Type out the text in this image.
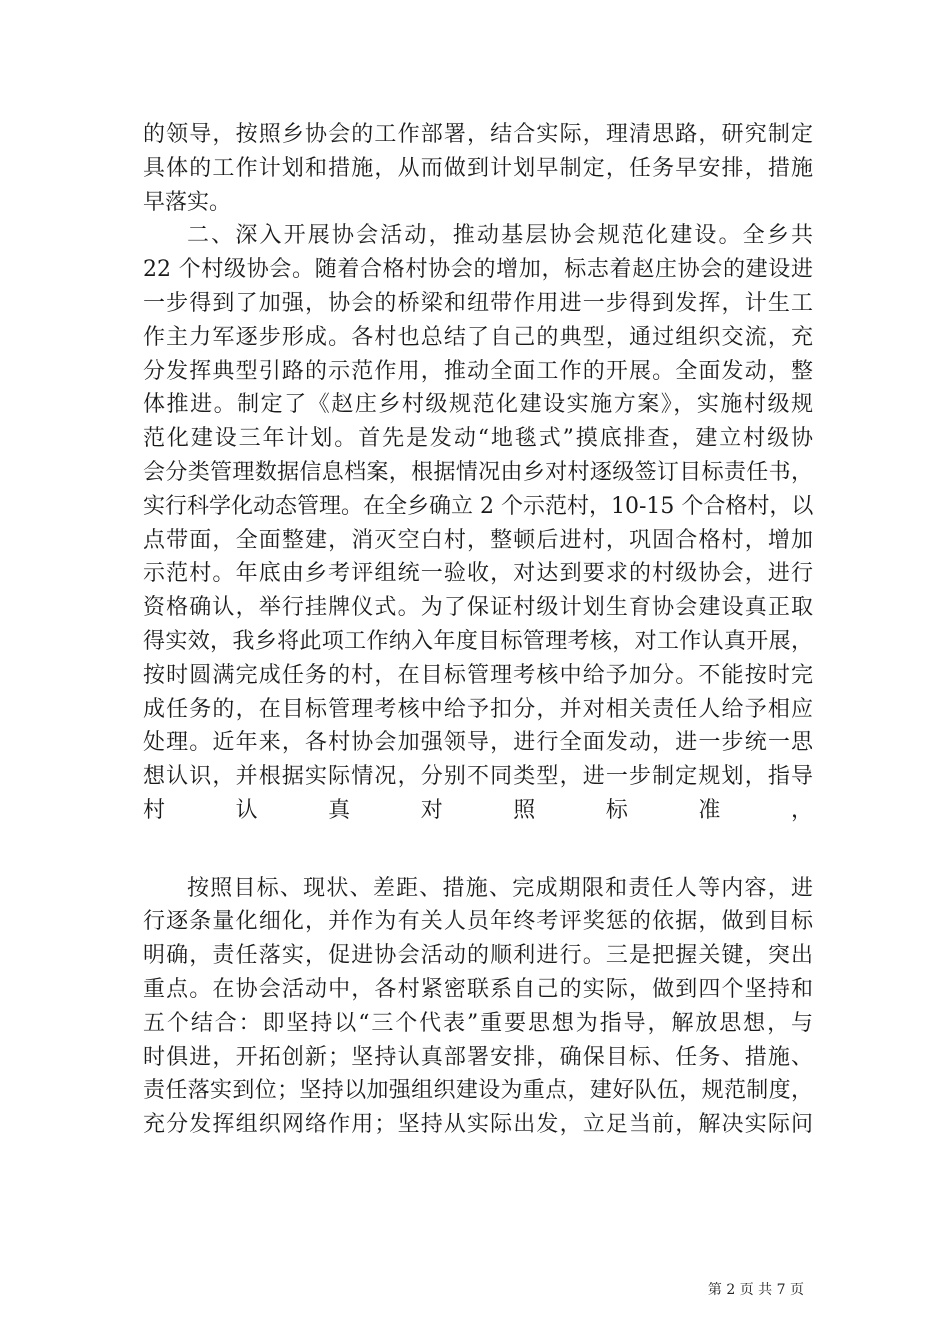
的领导，按照乡协会的工作部署，结合实际，理清思路，研究制定
具体的工作计划和措施，从而做到计划早制定，任务早安排，措施
早落实。
二、深入开展协会活动，推动基层协会规范化建设。全乡共
22 个村级协会。随着合格村协会的增加，标志着赵庄协会的建设进
一步得到了加强，协会的桥梁和纽带作用进一步得到发挥，计生工
作主力军逐步形成。各村也总结了自己的典型，通过组织交流，充
分发挥典型引路的示范作用，推动全面工作的开展。全面发动，整
体推进。制定了《赵庄乡村级规范化建设实施方案》，实施村级规
范化建设三年计划。首先是发动“地毯式”摸底排查，建立村级协
会分类管理数据信息档案，根据情况由乡对村逐级签订目标责任书，
实行科学化动态管理。在全乡确立 2 个示范村，10-15 个合格村，以
点带面，全面整建，消灭空白村，整顿后进村，巩固合格村，增加
示范村。年底由乡考评组统一验收，对达到要求的村级协会，进行
资格确认，举行挂牌仪式。为了保证村级计划生育协会建设真正取
得实效，我乡将此项工作纳入年度目标管理考核，对工作认真开展，
按时圆满完成任务的村，在目标管理考核中给予加分。不能按时完
成任务的，在目标管理考核中给予扣分，并对相关责任人给予相应
处理。近年来，各村协会加强领导，进行全面发动，进一步统一思
想认识，并根据实际情况，分别不同类型，进一步制定规划，指导
村认真对照标准，
按照目标、现状、差距、措施、完成期限和责任人等内容，进
行逐条量化细化，并作为有关人员年终考评奖惩的依据，做到目标
明确，责任落实，促进协会活动的顺利进行。三是把握关键，突出
重点。在协会活动中，各村紧密联系自己的实际，做到四个坚持和
五个结合：即坚持以“三个代表”重要思想为指导，解放思想，与
时俱进，开拓创新；坚持认真部署安排，确保目标、任务、措施、
责任落实到位；坚持以加强组织建设为重点，建好队伍，规范制度，
充分发挥组织网络作用；坚持从实际出发，立足当前，解决实际问
第 2 页 共 7 页
